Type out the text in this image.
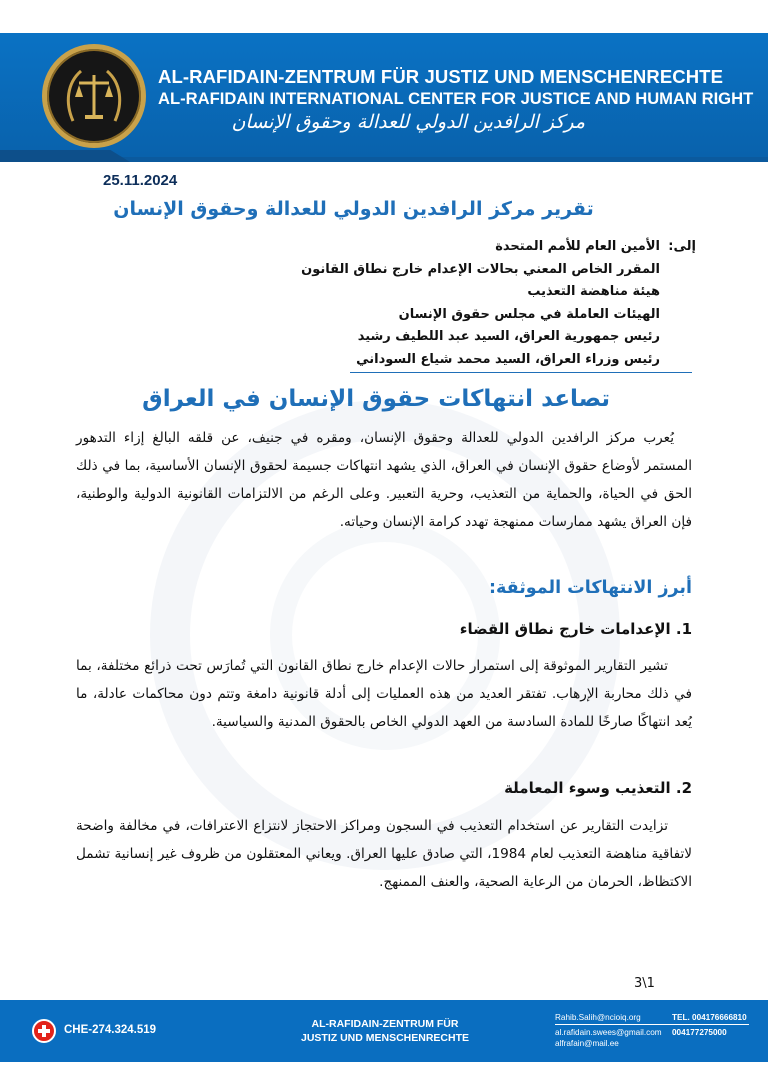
AL-RAFIDAIN-ZENTRUM FÜR JUSTIZ UND MENSCHENRECHTE
AL-RAFIDAIN INTERNATIONAL CENTER FOR JUSTICE AND HUMAN RIGHT
مركز الرافدين الدولي للعدالة وحقوق الإنسان
25.11.2024
تقرير مركز الرافدين الدولي للعدالة وحقوق الإنسان
إلى:الأمين العام للأمم المتحدة
المقرر الخاص المعني بحالات الإعدام خارج نطاق القانون
هيئة مناهضة التعذيب
الهيئات العاملة في مجلس حقوق الإنسان
رئيس جمهورية العراق، السيد عبد اللطيف رشيد
رئيس وزراء العراق، السيد محمد شياع السوداني
تصاعد انتهاكات حقوق الإنسان في العراق
يُعرب مركز الرافدين الدولي للعدالة وحقوق الإنسان، ومقره في جنيف، عن قلقه البالغ إزاء التدهور المستمر لأوضاع حقوق الإنسان في العراق، الذي يشهد انتهاكات جسيمة لحقوق الإنسان الأساسية، بما في ذلك الحق في الحياة، والحماية من التعذيب، وحرية التعبير. وعلى الرغم من الالتزامات القانونية الدولية والوطنية، فإن العراق يشهد ممارسات ممنهجة تهدد كرامة الإنسان وحياته.
أبرز الانتهاكات الموثقة:
1. الإعدامات خارج نطاق القضاء
تشير التقارير الموثوقة إلى استمرار حالات الإعدام خارج نطاق القانون التي تُمارَس تحت ذرائع مختلفة، بما في ذلك محاربة الإرهاب. تفتقر العديد من هذه العمليات إلى أدلة قانونية دامغة وتتم دون محاكمات عادلة، ما يُعد انتهاكًا صارخًا للمادة السادسة من العهد الدولي الخاص بالحقوق المدنية والسياسية.
2. التعذيب وسوء المعاملة
تزايدت التقارير عن استخدام التعذيب في السجون ومراكز الاحتجاز لانتزاع الاعترافات، في مخالفة واضحة لاتفاقية مناهضة التعذيب لعام 1984، التي صادق عليها العراق. ويعاني المعتقلون من ظروف غير إنسانية تشمل الاكتظاظ، الحرمان من الرعاية الصحية، والعنف الممنهج.
3\1
CHE-274.324.519	AL-RAFIDAIN-ZENTRUM FÜR
JUSTIZ UND MENSCHENRECHTE
Rahib.Salih@ncioiq.org
al.rafidain.swees@gmail.com
alfrafain@mail.ee
TEL. 004176666810
004177275000
